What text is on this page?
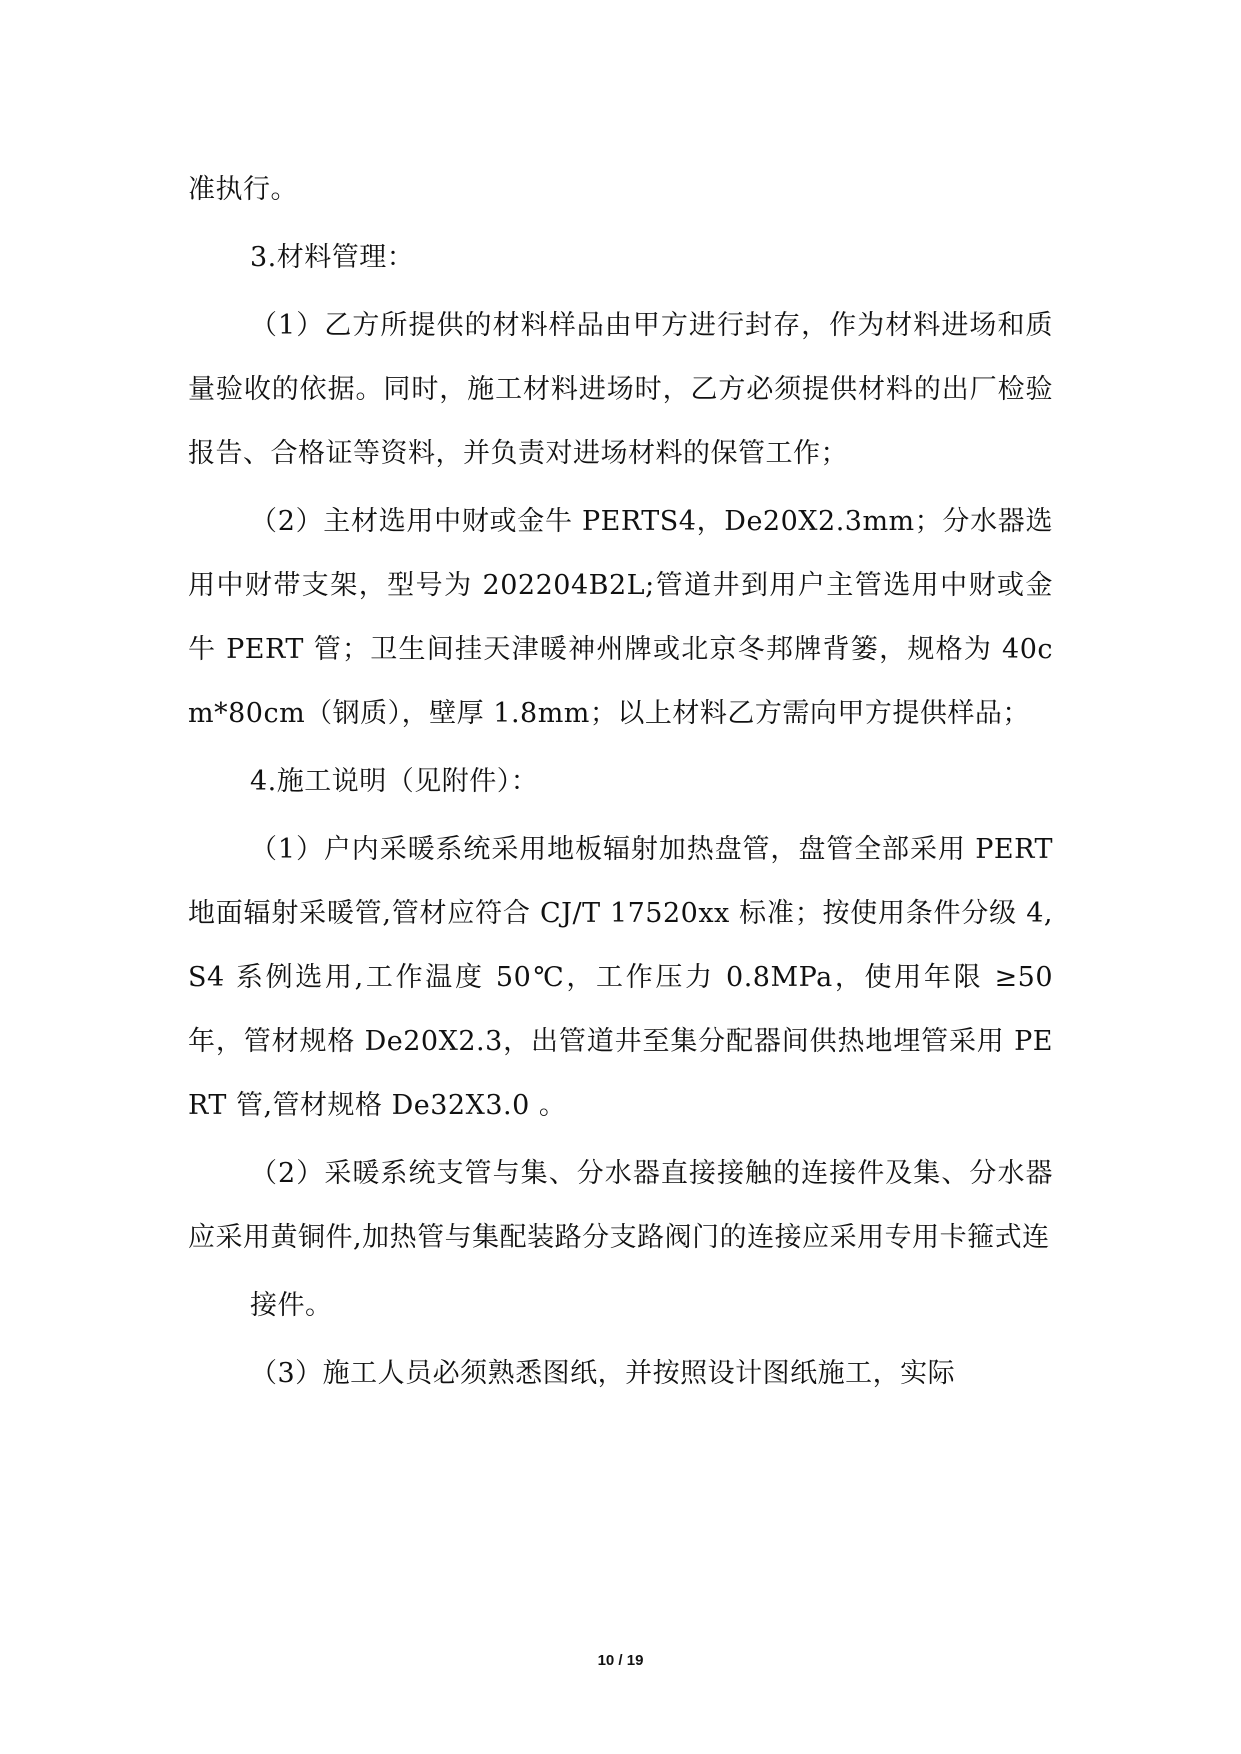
准执行。

3.材料管理：

（1）乙方所提供的材料样品由甲方进行封存，作为材料进场和质量验收的依据。同时，施工材料进场时，乙方必须提供材料的出厂检验报告、合格证等资料，并负责对进场材料的保管工作；

（2）主材选用中财或金牛 PERTS4，De20X2.3mm；分水器选用中财带支架，型号为 202204B2L;管道井到用户主管选用中财或金牛 PERT 管；卫生间挂天津暖神州牌或北京冬邦牌背篓，规格为 40cm*80cm（钢质），壁厚 1.8mm；以上材料乙方需向甲方提供样品；

4.施工说明（见附件）：

（1）户内采暖系统采用地板辐射加热盘管，盘管全部采用 PERT 地面辐射采暖管,管材应符合 CJ/T 17520xx 标准；按使用条件分级 4,S4 系例选用,工作温度 50℃，工作压力 0.8MPa，使用年限 ≥50 年，管材规格 De20X2.3，出管道井至集分配器间供热地埋管采用 PERT 管,管材规格 De32X3.0 。

（2）采暖系统支管与集、分水器直接接触的连接件及集、分水器应采用黄铜件,加热管与集配装路分支路阀门的连接应采用专用卡箍式连

接件。

（3）施工人员必须熟悉图纸，并按照设计图纸施工，实际

10 / 19
